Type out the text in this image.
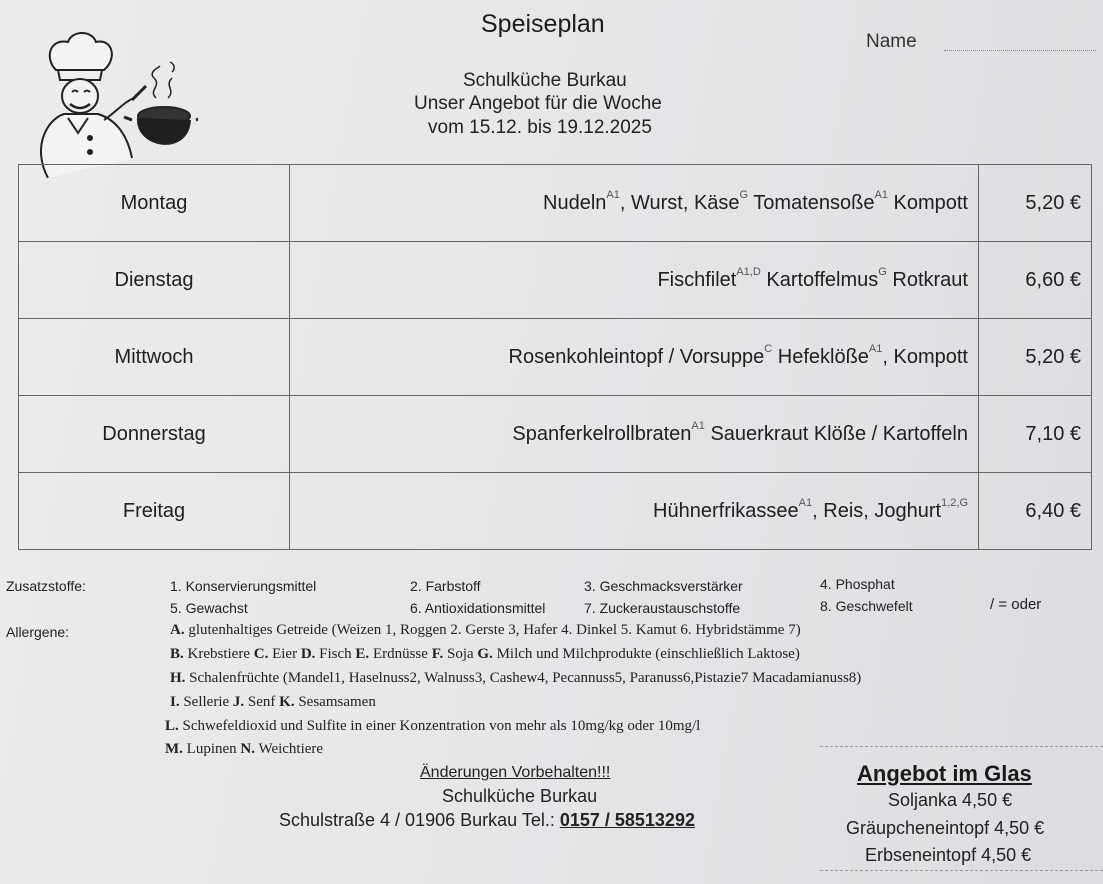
Speiseplan
Name
Schulküche Burkau
Unser Angebot für die Woche
vom 15.12. bis 19.12.2025
Montag	Nudeln$^{A1}$, Wurst, Käse$^G$ Tomatensoße$^{A1}$ Kompott	5,20 €
Dienstag	Fischfilet$^{A1,D}$ Kartoffelmus$^G$ Rotkraut	6,60 €
Mittwoch	Rosenkohleintopf / Vorsuppe$^C$ Hefeklöße$^{A1}$, Kompott	5,20 €
Donnerstag	Spanferkelrollbraten$^{A1}$ Sauerkraut Klöße / Kartoffeln	7,10 €
Freitag	Hühnerfrikassee$^{A1}$, Reis, Joghurt$^{1,2,G}$	6,40 €
Zusatzstoffe:	1. Konservierungsmittel	2. Farbstoff	3. Geschmacksverstärker	4. Phosphat
5. Gewachst	6. Antioxidationsmittel	7. Zuckeraustauschstoffe	8. Geschwefelt	/ = oder
Allergene:	A. glutenhaltiges Getreide (Weizen 1, Roggen 2. Gerste 3, Hafer 4. Dinkel 5. Kamut 6. Hybridstämme 7)
B. Krebstiere C. Eier D. Fisch E. Erdnüsse F. Soja G. Milch und Milchprodukte (einschließlich Laktose)
H. Schalenfrüchte (Mandel1, Haselnuss2, Walnuss3, Cashew4, Pecannuss5, Paranuss6,Pistazie7 Macadamianuss8)
I. Sellerie J. Senf K. Sesamsamen
L. Schwefeldioxid und Sulfite in einer Konzentration von mehr als 10mg/kg oder 10mg/l
M. Lupinen N. Weichtiere
Änderungen Vorbehalten!!!
Schulküche Burkau
Schulstraße 4 / 01906 Burkau Tel.: 0157 / 58513292
Angebot im Glas
Soljanka 4,50 €
Gräupcheneintopf 4,50 €
Erbseneintopf 4,50 €
